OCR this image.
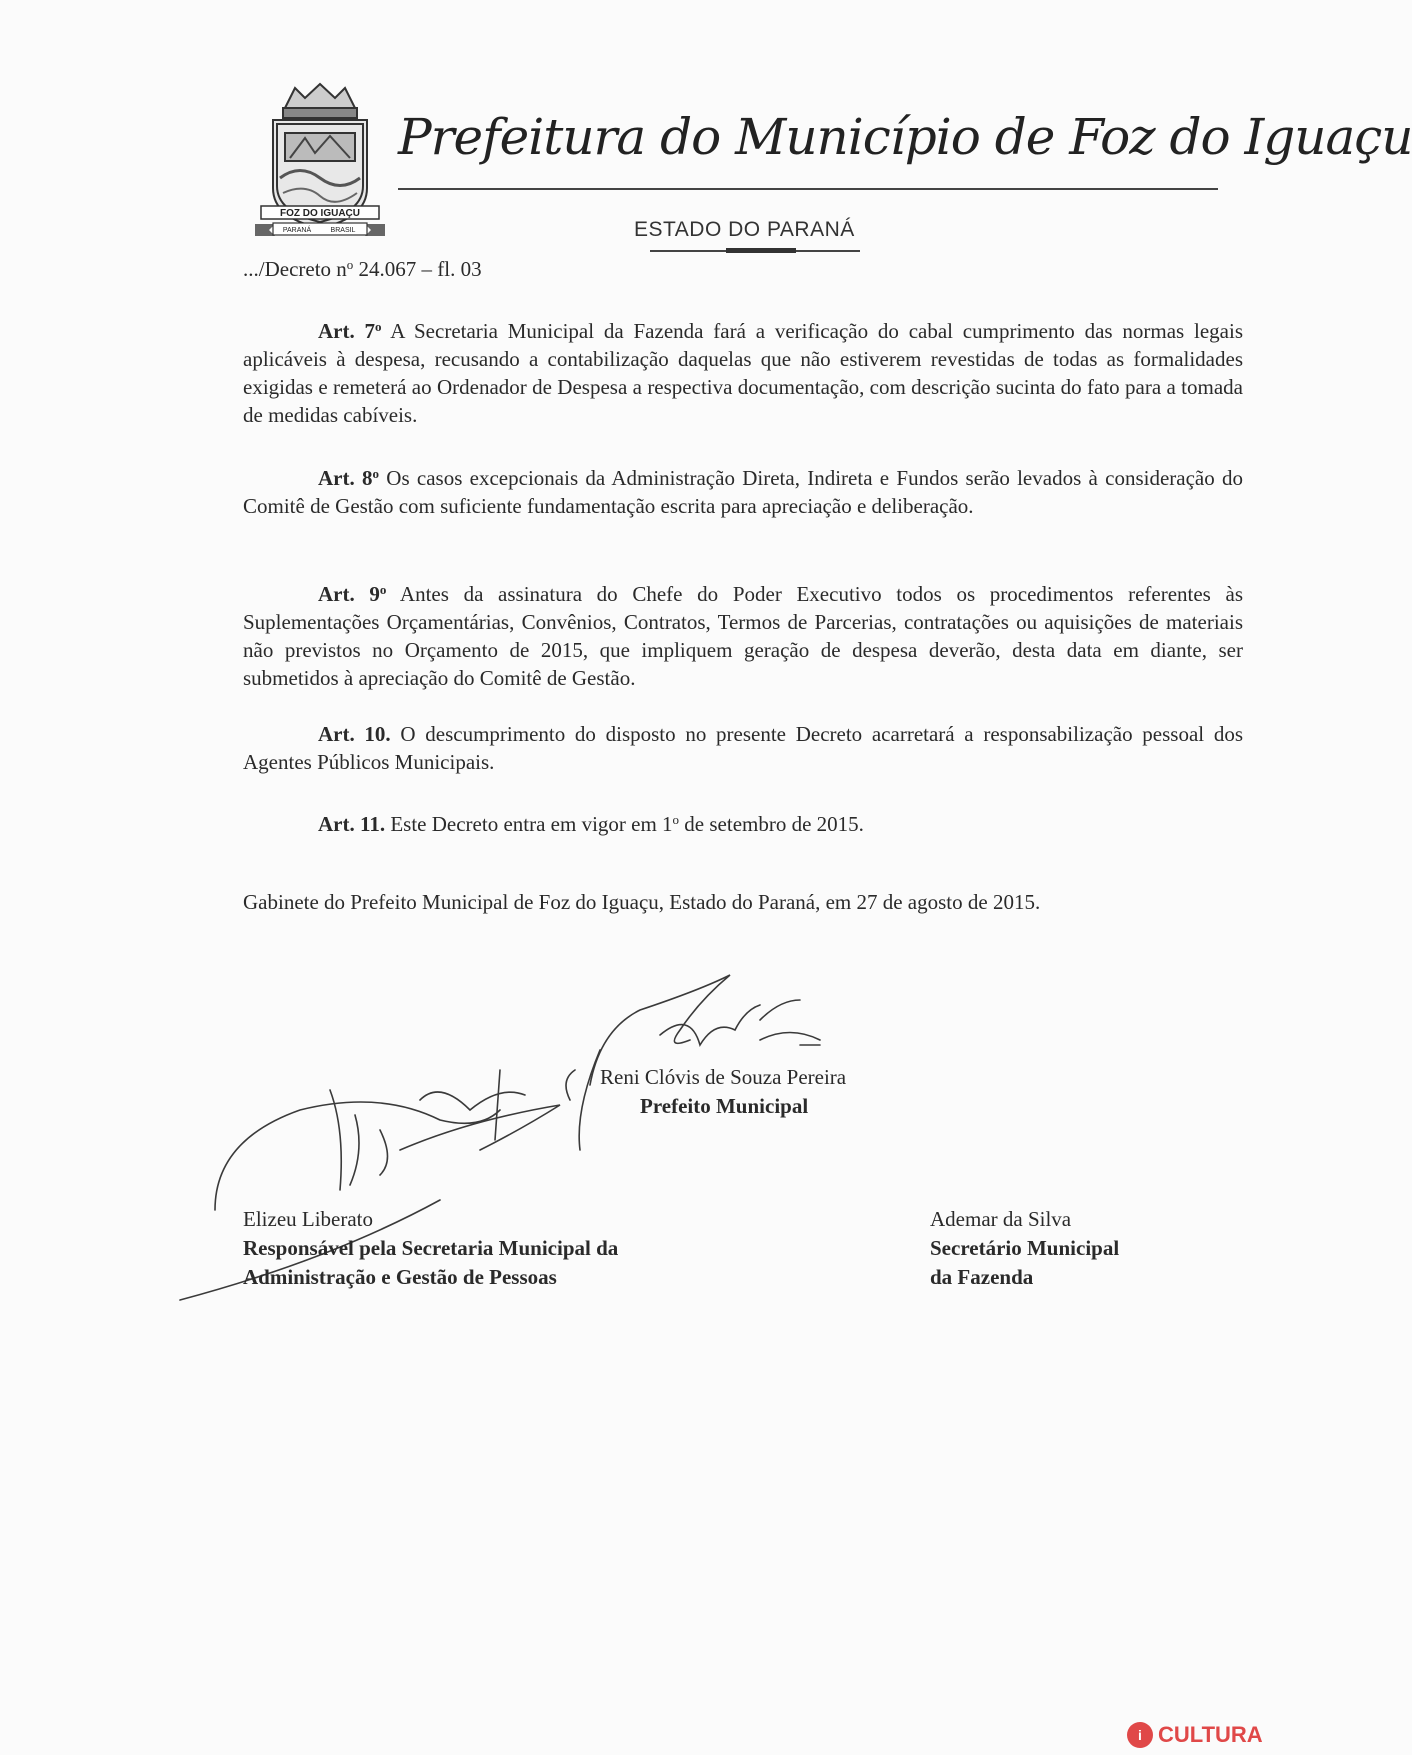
FOZ DO IGUAÇU
PARANÁ	BRASIL
Prefeitura do Município de Foz do Iguaçu
ESTADO DO PARANÁ
.../Decreto $n^o$ 24.067 – fl. 03

Art. 7$^o$ A Secretaria Municipal da Fazenda fará a verificação do cabal cumprimento das normas legais aplicáveis à despesa, recusando a contabilização daquelas que não estiverem revestidas de todas as formalidades exigidas e remeterá ao Ordenador de Despesa a respectiva documentação, com descrição sucinta do fato para a tomada de medidas cabíveis.

Art. 8$^o$ Os casos excepcionais da Administração Direta, Indireta e Fundos serão levados à consideração do Comitê de Gestão com suficiente fundamentação escrita para apreciação e deliberação.

Art. 9$^o$ Antes da assinatura do Chefe do Poder Executivo todos os procedimentos referentes às Suplementações Orçamentárias, Convênios, Contratos, Termos de Parcerias, contratações ou aquisições de materiais não previstos no Orçamento de 2015, que impliquem geração de despesa deverão, desta data em diante, ser submetidos à apreciação do Comitê de Gestão.

Art. 10. O descumprimento do disposto no presente Decreto acarretará a responsabilização pessoal dos Agentes Públicos Municipais.

Art. 11. Este Decreto entra em vigor em 1$^o$ de setembro de 2015.

Gabinete do Prefeito Municipal de Foz do Iguaçu, Estado do Paraná, em 27 de agosto de 2015.
Reni Clóvis de Souza Pereira
Prefeito Municipal
Elizeu Liberato
Responsável pela Secretaria Municipal da
Administração e Gestão de Pessoas
Ademar da Silva
Secretário Municipal
da Fazenda
i CULTURA
